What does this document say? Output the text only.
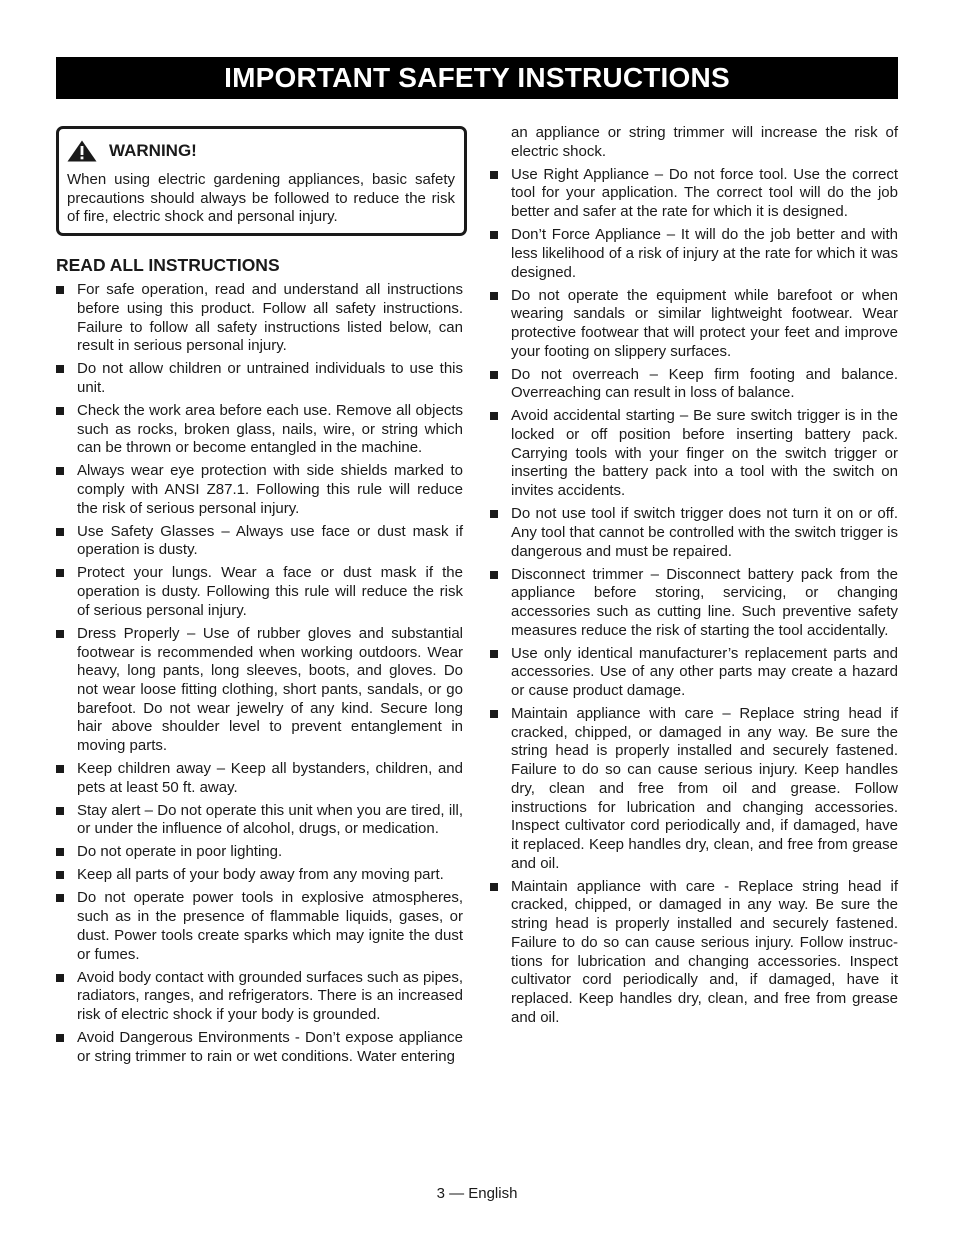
IMPORTANT SAFETY INSTRUCTIONS
WARNING!
When using electric gardening appliances, basic safety precautions should always be followed to reduce the risk of fire, electric shock and personal injury.
READ ALL INSTRUCTIONS
For safe operation, read and understand all instructions before using this product. Follow all safety instructions. Failure to follow all safety instructions listed below, can result in serious personal injury.
Do not allow children or untrained individuals to use this unit.
Check the work area before each use. Remove all objects such as rocks, broken glass, nails, wire, or string which can be thrown or become entangled in the machine.
Always wear eye protection with side shields marked to comply with ANSI Z87.1. Following this rule will reduce the risk of serious personal injury.
Use Safety Glasses – Always use face or dust mask if operation is dusty.
Protect your lungs. Wear a face or dust mask if the operation is dusty. Following this rule will reduce the risk of serious personal injury.
Dress Properly – Use of rubber gloves and substantial footwear is recommended when working outdoors. Wear heavy, long pants, long sleeves, boots, and gloves. Do not wear loose fitting clothing, short pants, sandals, or go barefoot. Do not wear jewelry of any kind. Secure long hair above shoulder level to prevent entanglement in moving parts.
Keep children away – Keep all bystanders, children, and pets at least 50 ft. away.
Stay alert – Do not operate this unit when you are tired, ill, or under the influence of alcohol, drugs, or medication.
Do not operate in poor lighting.
Keep all parts of your body away from any moving part.
Do not operate power tools in explosive atmospheres, such as in the presence of flammable liquids, gases, or dust. Power tools create sparks which may ignite the dust or fumes.
Avoid body contact with grounded surfaces such as pipes, radiators, ranges, and refrigerators. There is an increased risk of electric shock if your body is grounded.
Avoid Dangerous Environments - Don’t expose appliance or string trimmer to rain or wet conditions. Water entering
an appliance or string trimmer will increase the risk of electric shock.
Use Right Appliance – Do not force tool. Use the correct tool for your application. The correct tool will do the job better and safer at the rate for which it is designed.
Don’t Force Appliance – It will do the job better and with less likelihood of a risk of injury at the rate for which it was designed.
Do not operate the equipment while barefoot or when wearing sandals or similar lightweight footwear. Wear protective footwear that will protect your feet and improve your footing on slippery surfaces.
Do not overreach – Keep firm footing and balance. Overreaching can result in loss of balance.
Avoid accidental starting – Be sure switch trigger is in the locked or off position before inserting battery pack. Carrying tools with your finger on the switch trigger or inserting the battery pack into a tool with the switch on invites accidents.
Do not use tool if switch trigger does not turn it on or off. Any tool that cannot be controlled with the switch trigger is dangerous and must be repaired.
Disconnect trimmer – Disconnect battery pack from the appliance before storing, servicing, or changing accessories such as cutting line. Such preventive safety measures reduce the risk of starting the tool accidentally.
Use only identical manufacturer’s replacement parts and accessories. Use of any other parts may create a hazard or cause product damage.
Maintain appliance with care – Replace string head if cracked, chipped, or damaged in any way. Be sure the string head is properly installed and securely fastened. Failure to do so can cause serious injury. Keep handles dry, clean and free from oil and grease. Follow instructions for lubrication and changing accessories. Inspect cultivator cord periodically and, if damaged, have it replaced. Keep handles dry, clean, and free from grease and oil.
Maintain appliance with care - Replace string head if cracked, chipped, or damaged in any way. Be sure the string head is properly installed and securely fastened. Failure to do so can cause serious injury. Follow instructions for lubrication and changing accessories. Inspect cultivator cord periodically and, if damaged, have it replaced. Keep handles dry, clean, and free from grease and oil.
3 — English
